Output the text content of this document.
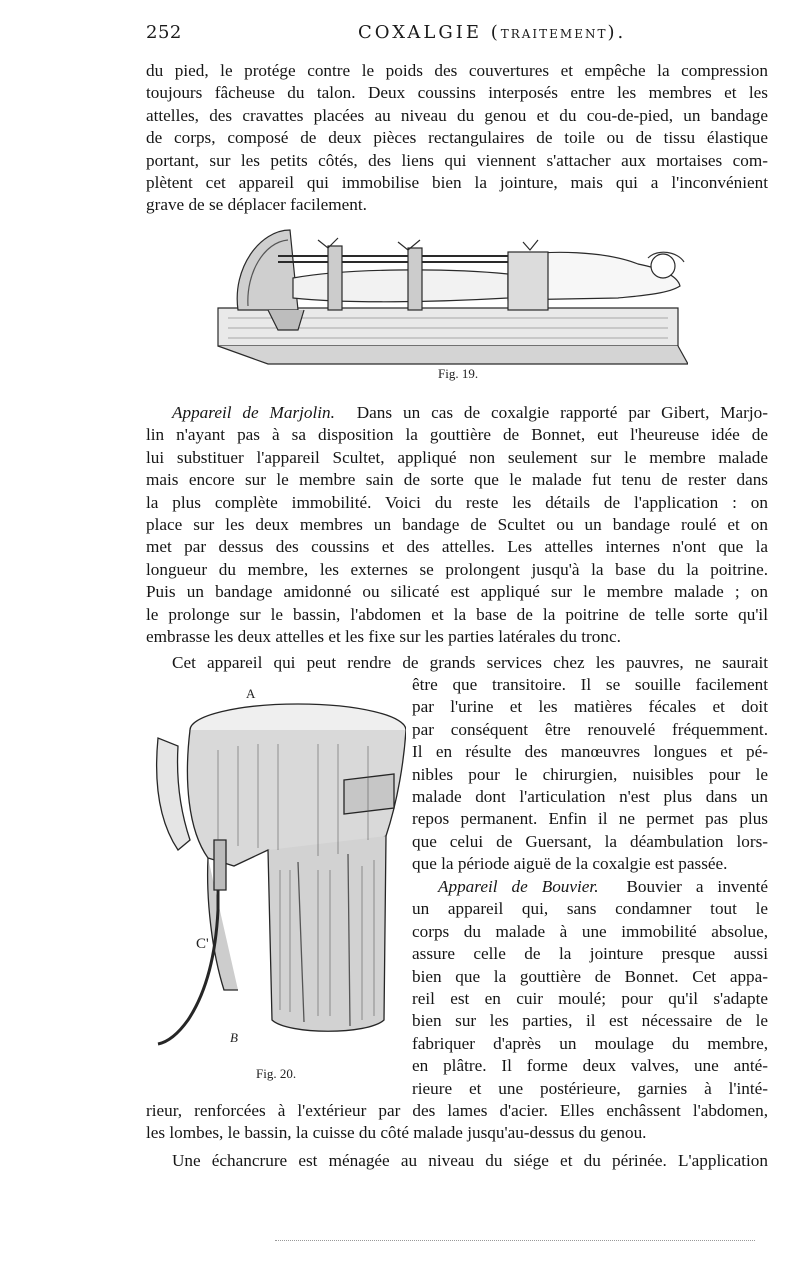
252	COXALGIE (TRAITEMENT).
du pied, le protége contre le poids des couvertures et empêche la compression
toujours fâcheuse du talon. Deux coussins interposés entre les membres et les
attelles, des cravattes placées au niveau du genou et du cou-de-pied, un bandage
de corps, composé de deux pièces rectangulaires de toile ou de tissu élastique
portant, sur les petits côtés, des liens qui viennent s'attacher aux mortaises com-
plètent cet appareil qui immobilise bien la jointure, mais qui a l'inconvénient
grave de se déplacer facilement.
Fig. 19.
Appareil de Marjolin. Dans un cas de coxalgie rapporté par Gibert, Marjo-
lin n'ayant pas à sa disposition la gouttière de Bonnet, eut l'heureuse idée de
lui substituer l'appareil Scultet, appliqué non seulement sur le membre malade
mais encore sur le membre sain de sorte que le malade fut tenu de rester dans
la plus complète immobilité. Voici du reste les détails de l'application : on
place sur les deux membres un bandage de Scultet ou un bandage roulé et on
met par dessus des coussins et des attelles. Les attelles internes n'ont que la
longueur du membre, les externes se prolongent jusqu'à la base du la poitrine.
Puis un bandage amidonné ou silicaté est appliqué sur le membre malade ; on
le prolonge sur le bassin, l'abdomen et la base de la poitrine de telle sorte qu'il
embrasse les deux attelles et les fixe sur les parties latérales du tronc.
Cet appareil qui peut rendre de grands services chez les pauvres, ne saurait
A
C'
B
Fig. 20.
être que transitoire. Il se souille facilement
par l'urine et les matières fécales et doit
par conséquent être renouvelé fréquemment.
Il en résulte des manœuvres longues et pé-
nibles pour le chirurgien, nuisibles pour le
malade dont l'articulation n'est plus dans un
repos permanent. Enfin il ne permet pas plus
que celui de Guersant, la déambulation lors-
que la période aiguë de la coxalgie est passée.
Appareil de Bouvier. Bouvier a inventé
un appareil qui, sans condamner tout le
corps du malade à une immobilité absolue,
assure celle de la jointure presque aussi
bien que la gouttière de Bonnet. Cet appa-
reil est en cuir moulé; pour qu'il s'adapte
bien sur les parties, il est nécessaire de le
fabriquer d'après un moulage du membre,
en plâtre. Il forme deux valves, une anté-
rieure et une postérieure, garnies à l'inté-
rieur, renforcées à l'extérieur par des lames d'acier. Elles enchâssent l'abdomen,
les lombes, le bassin, la cuisse du côté malade jusqu'au-dessus du genou.
Une échancrure est ménagée au niveau du siége et du périnée. L'application
